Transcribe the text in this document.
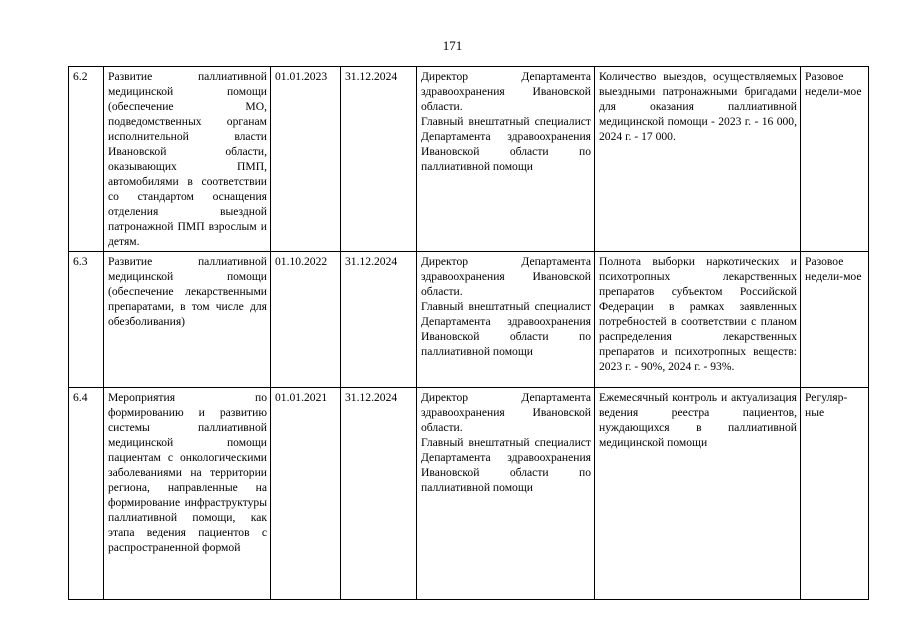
171
6.2	Развитие паллиативной медицинской помощи (обеспечение МО, подведомственных органам исполнительной власти Ивановской области, оказывающих ПМП, автомобилями в соответствии со стандартом оснащения отделения выездной патронажной ПМП взрослым и детям.	01.01.2023	31.12.2024	Директор Департамента здравоохранения Ивановской области.
Главный внештатный специалист Департамента здравоохранения Ивановской области по паллиативной помощи	Количество выездов, осуществляемых выездными патронажными бригадами для оказания паллиативной медицинской помощи - 2023 г. - 16 000, 2024 г. - 17 000.	Разовое недели-мое
6.3	Развитие паллиативной медицинской помощи (обеспечение лекарственными препаратами, в том числе для обезболивания)	01.10.2022	31.12.2024	Директор Департамента здравоохранения Ивановской области.
Главный внештатный специалист Департамента здравоохранения Ивановской области по паллиативной помощи	Полнота выборки наркотических и психотропных лекарственных препаратов субъектом Российской Федерации в рамках заявленных потребностей в соответствии с планом распределения лекарственных препаратов и психотропных веществ: 2023 г. - 90%, 2024 г. - 93%.	Разовое недели-мое
6.4	Мероприятия по формированию и развитию системы паллиативной медицинской помощи пациентам с онкологическими заболеваниями на территории региона, направленные на формирование инфраструктуры паллиативной помощи, как этапа ведения пациентов с распространенной формой	01.01.2021	31.12.2024	Директор Департамента здравоохранения Ивановской области.
Главный внештатный специалист Департамента здравоохранения Ивановской области по паллиативной помощи	Ежемесячный контроль и актуализация ведения реестра пациентов, нуждающихся в паллиативной медицинской помощи	Регуляр-ные
